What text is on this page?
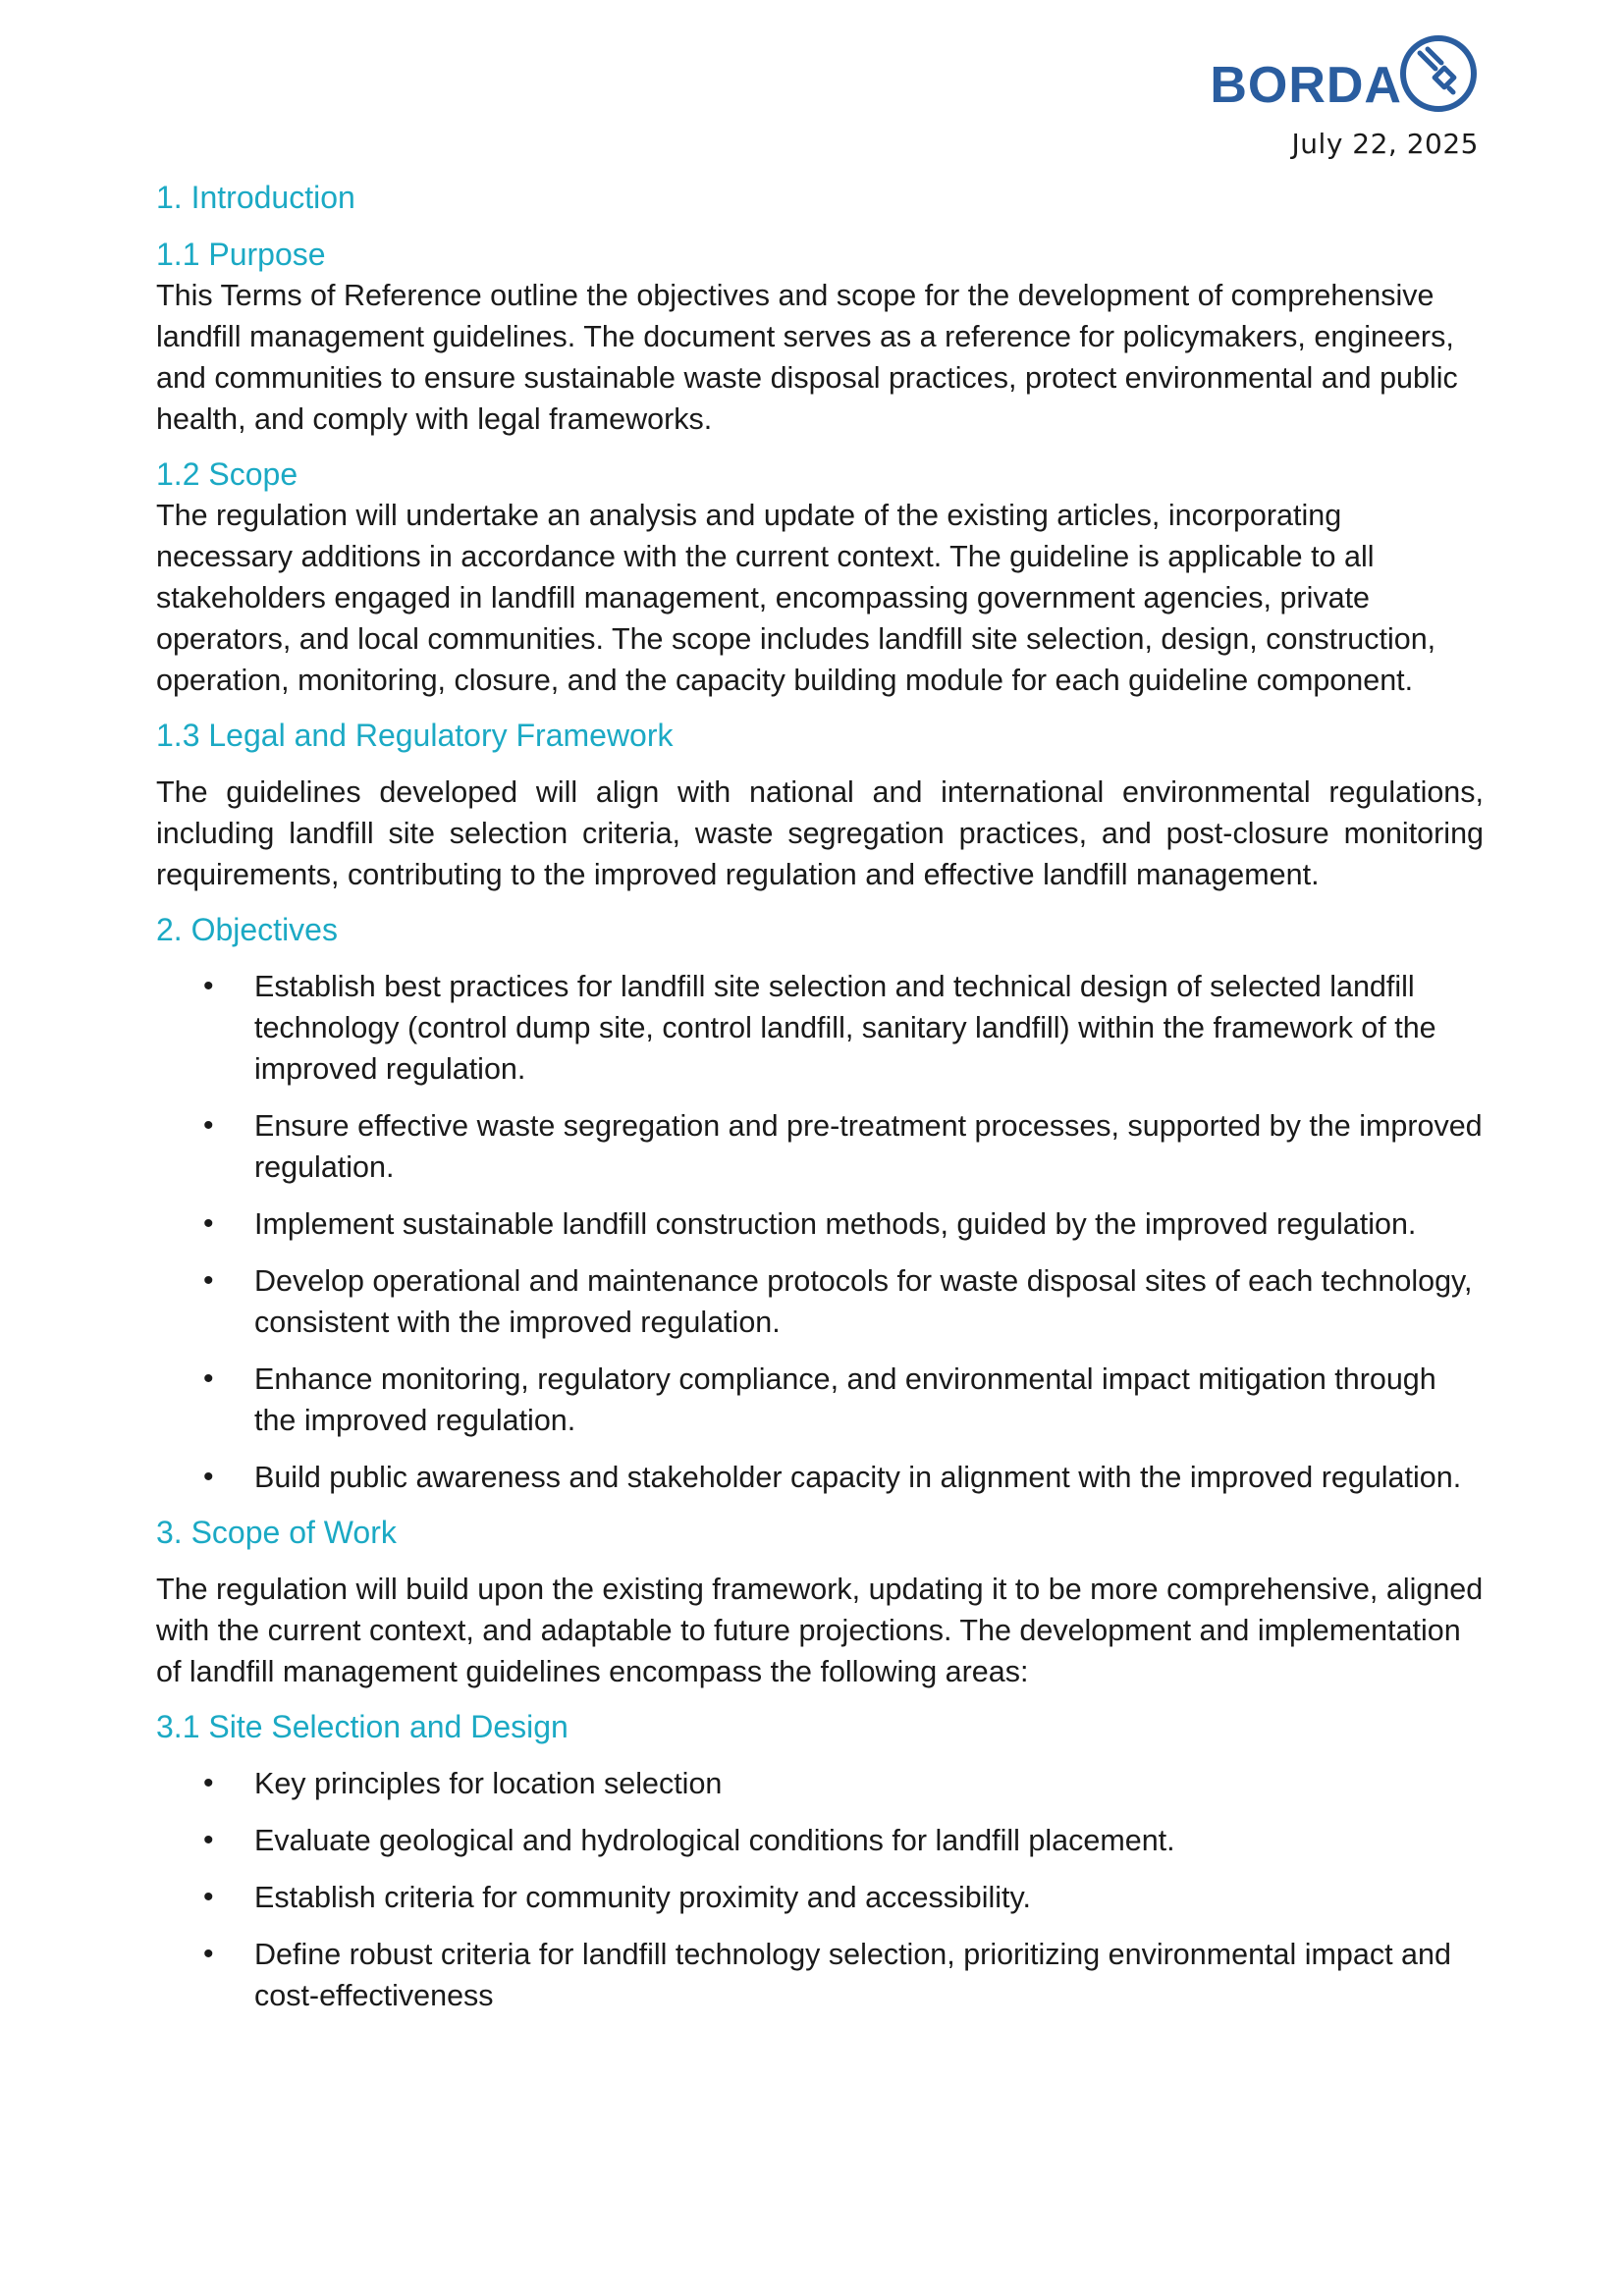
BORDA
July 22, 2025
1. Introduction
1.1 Purpose

This Terms of Reference outline the objectives and scope for the development of comprehensive landfill management guidelines. The document serves as a reference for policymakers, engineers, and communities to ensure sustainable waste disposal practices, protect environmental and public health, and comply with legal frameworks.

1.2 Scope

The regulation will undertake an analysis and update of the existing articles, incorporating necessary additions in accordance with the current context. The guideline is applicable to all stakeholders engaged in landfill management, encompassing government agencies, private operators, and local communities. The scope includes landfill site selection, design, construction, operation, monitoring, closure, and the capacity building module for each guideline component.

1.3 Legal and Regulatory Framework

The guidelines developed will align with national and international environmental regulations, including landfill site selection criteria, waste segregation practices, and post-closure monitoring requirements, contributing to the improved regulation and effective landfill management.

2. Objectives
• Establish best practices for landfill site selection and technical design of selected landfill technology (control dump site, control landfill, sanitary landfill) within the framework of the improved regulation.
• Ensure effective waste segregation and pre-treatment processes, supported by the improved regulation.
• Implement sustainable landfill construction methods, guided by the improved regulation.
• Develop operational and maintenance protocols for waste disposal sites of each technology, consistent with the improved regulation.
• Enhance monitoring, regulatory compliance, and environmental impact mitigation through the improved regulation.
• Build public awareness and stakeholder capacity in alignment with the improved regulation.
3. Scope of Work

The regulation will build upon the existing framework, updating it to be more comprehensive, aligned with the current context, and adaptable to future projections. The development and implementation of landfill management guidelines encompass the following areas:

3.1 Site Selection and Design
• Key principles for location selection
• Evaluate geological and hydrological conditions for landfill placement.
• Establish criteria for community proximity and accessibility.
• Define robust criteria for landfill technology selection, prioritizing environmental impact and cost-effectiveness
